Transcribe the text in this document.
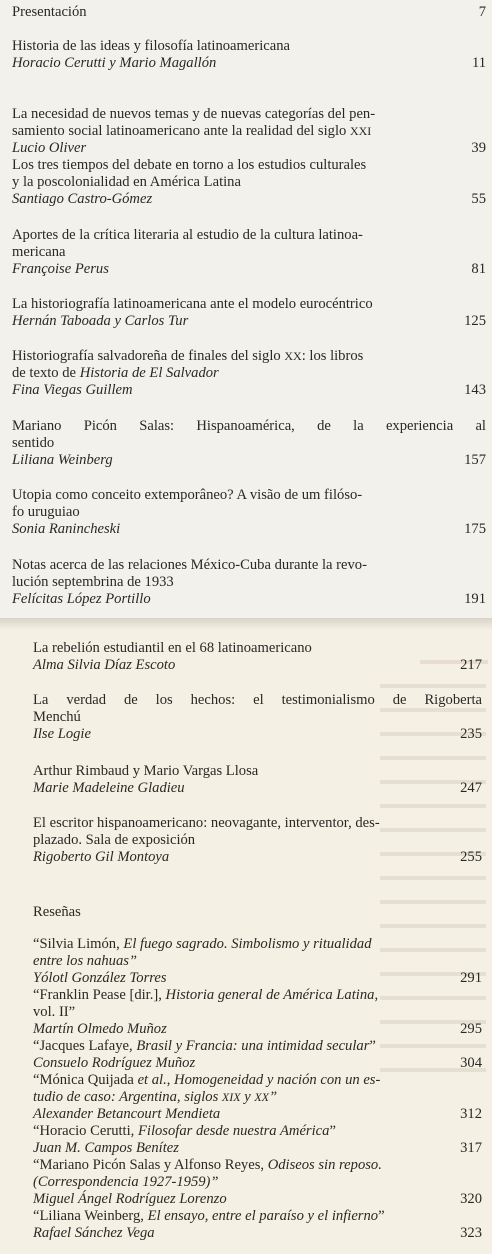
Presentación	7
Historia de las ideas y filosofía latinoamericana
Horacio Cerutti y Mario Magallón	11
La necesidad de nuevos temas y de nuevas categorías del pen-
samiento social latinoamericano ante la realidad del siglo XXI
Lucio Oliver	39
Los tres tiempos del debate en torno a los estudios culturales
y la poscolonialidad en América Latina
Santiago Castro-Gómez	55
Aportes de la crítica literaria al estudio de la cultura latinoa-
mericana
Françoise Perus	81
La historiografía latinoamericana ante el modelo eurocéntrico
Hernán Taboada y Carlos Tur	125
Historiografía salvadoreña de finales del siglo XX: los libros
de texto de Historia de El Salvador
Fina Viegas Guillem	143
Mariano Picón Salas: Hispanoamérica, de la experiencia al
sentido
Liliana Weinberg	157
Utopia como conceito extemporâneo? A visão de um filóso-
fo uruguiao
Sonia Ranincheski	175
Notas acerca de las relaciones México-Cuba durante la revo-
lución septembrina de 1933
Felícitas López Portillo	191
La rebelión estudiantil en el 68 latinoamericano
Alma Silvia Díaz Escoto	217
La verdad de los hechos: el testimonialismo de Rigoberta
Menchú
Ilse Logie	235
Arthur Rimbaud y Mario Vargas Llosa
Marie Madeleine Gladieu	247
El escritor hispanoamericano: neovagante, interventor, des-
plazado. Sala de exposición
Rigoberto Gil Montoya	255
Reseñas
“Silvia Limón, El fuego sagrado. Simbolismo y ritualidad
entre los nahuas”
Yólotl González Torres	291
“Franklin Pease [dir.], Historia general de América Latina,
vol. II”
Martín Olmedo Muñoz	295
“Jacques Lafaye, Brasil y Francia: una intimidad secular”
Consuelo Rodríguez Muñoz	304
“Mónica Quijada et al., Homogeneidad y nación con un es-
tudio de caso: Argentina, siglos XIX y XX”
Alexander Betancourt Mendieta	312
“Horacio Cerutti, Filosofar desde nuestra América”
Juan M. Campos Benítez	317
“Mariano Picón Salas y Alfonso Reyes, Odiseos sin reposo.
(Correspondencia 1927-1959)”
Miguel Ángel Rodríguez Lorenzo	320
“Liliana Weinberg, El ensayo, entre el paraíso y el infierno”
Rafael Sánchez Vega	323
